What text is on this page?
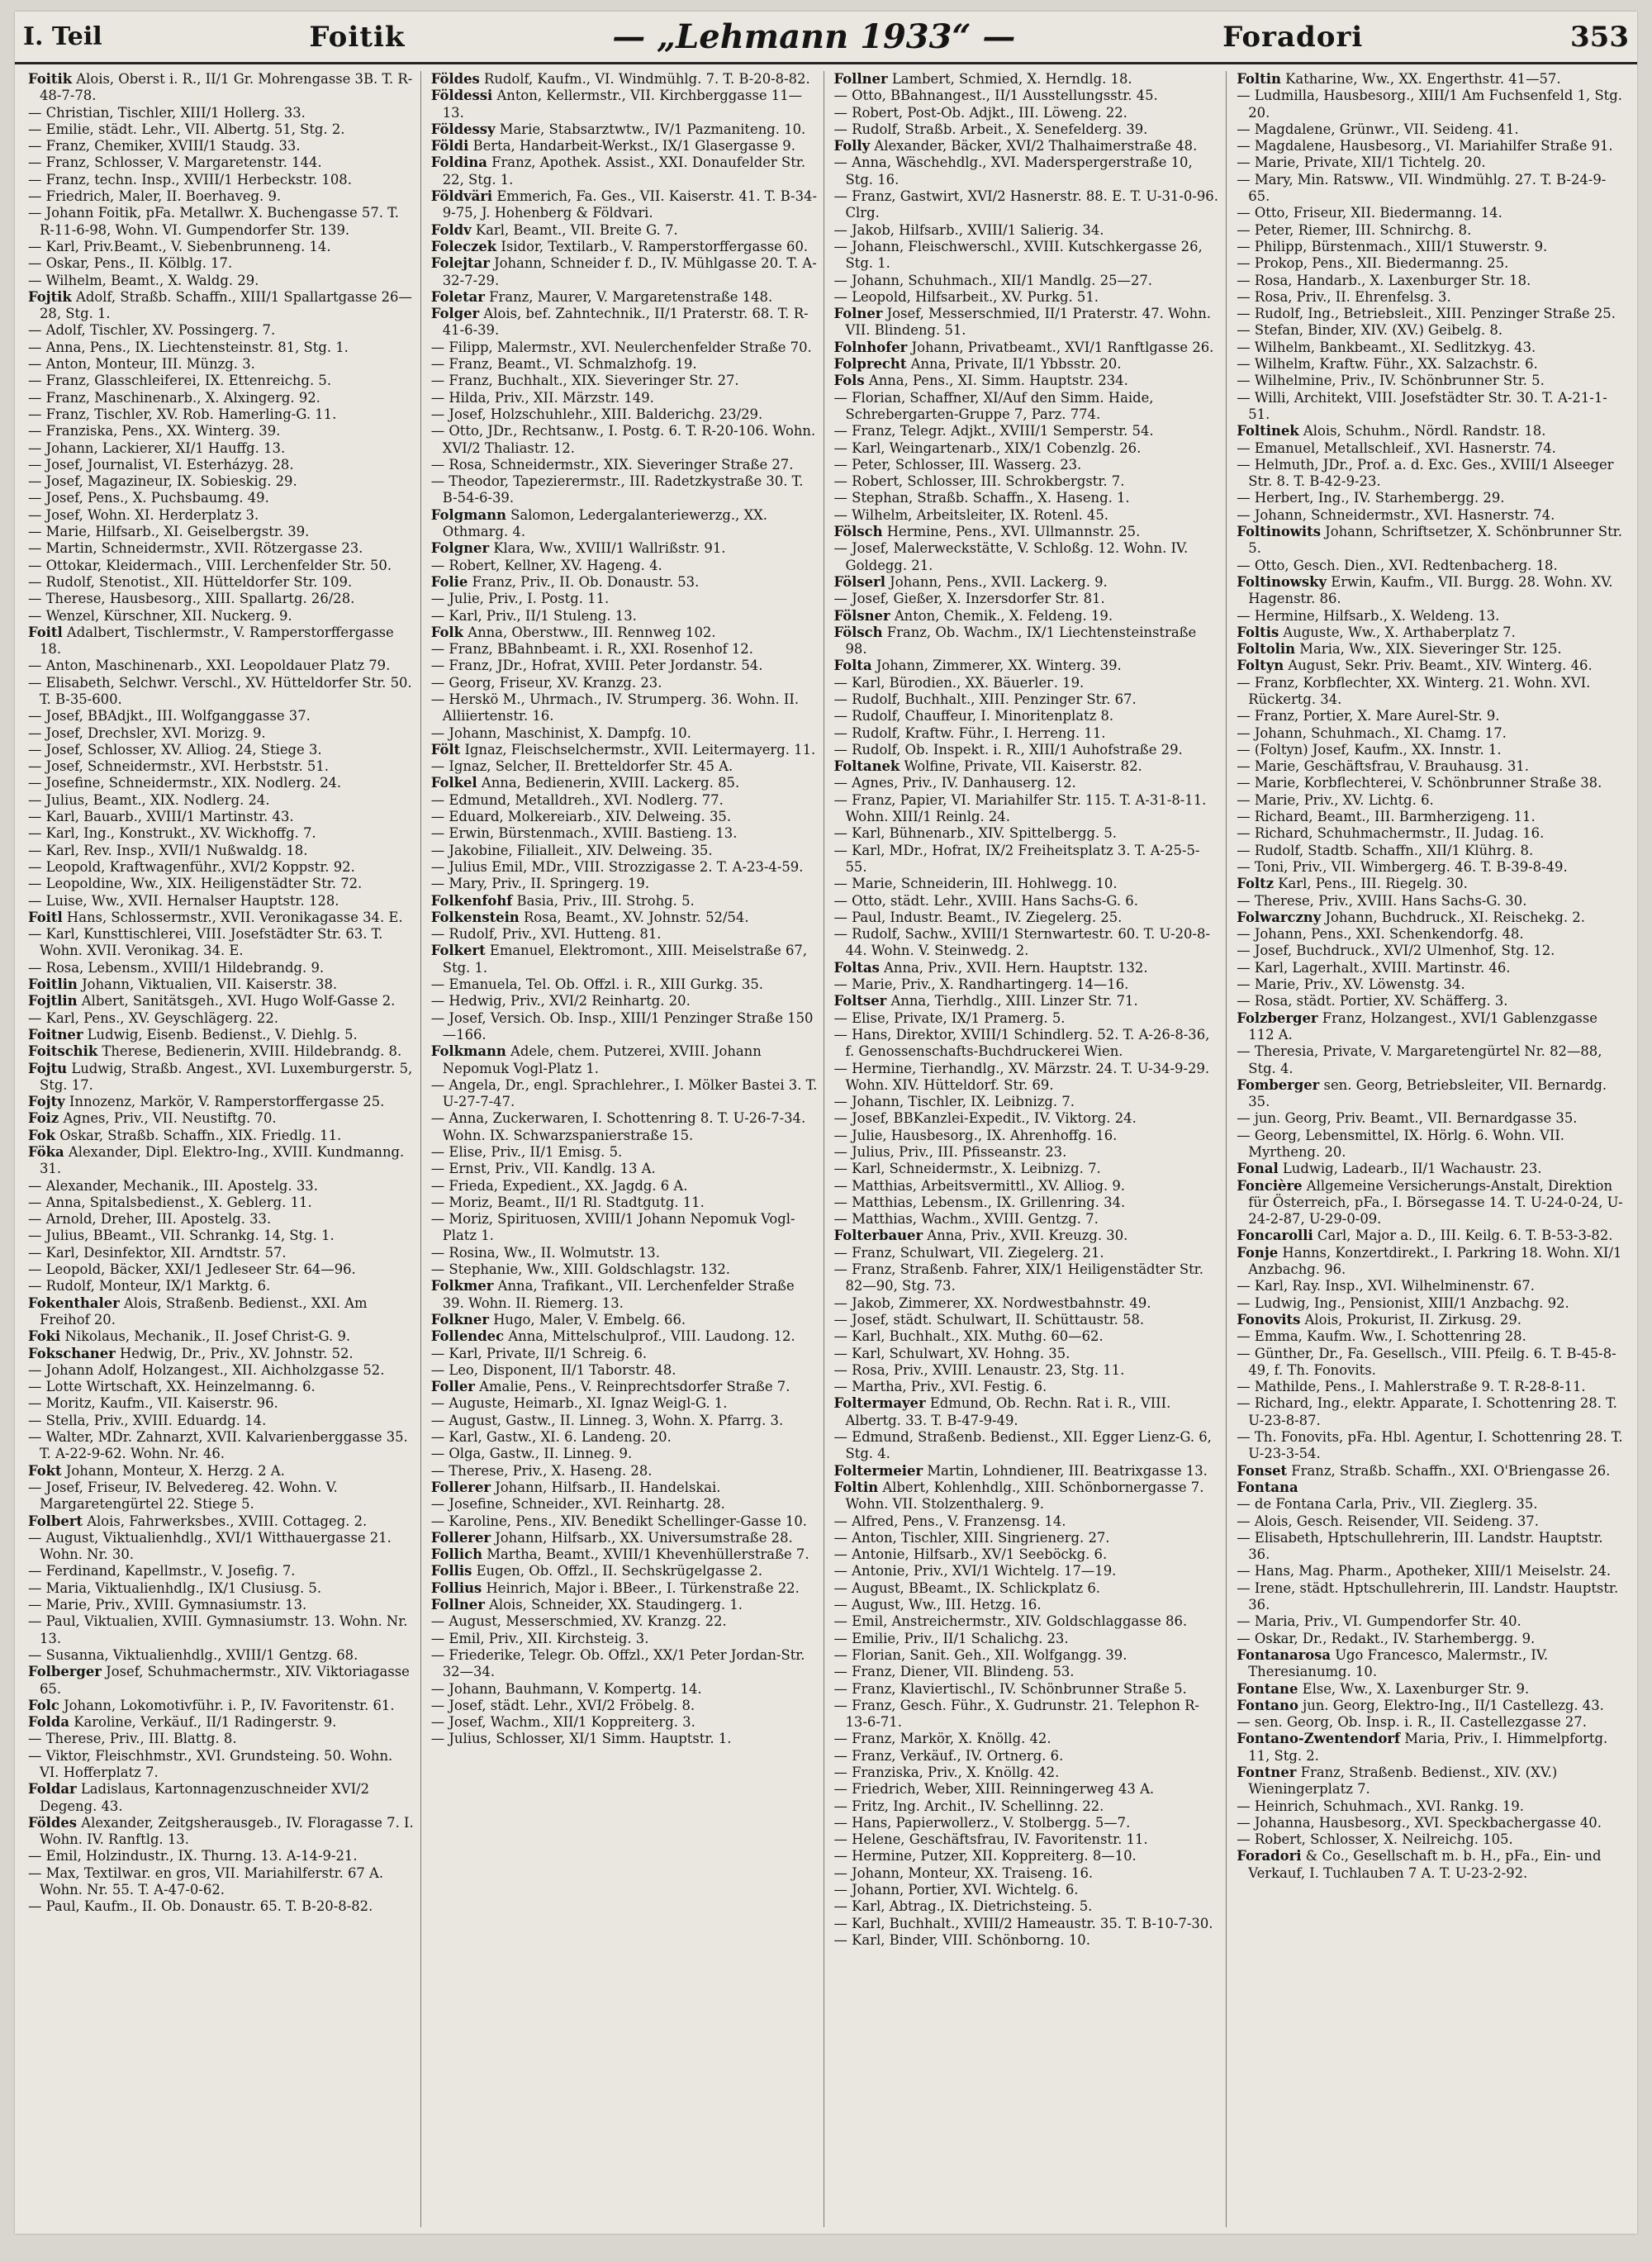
I. Teil	Foitik	— „Lehmann 1933“ —	Foradori	353

Foitik Alois, Oberst i. R., II/1 Gr. Mohrengasse 3B. T. R-48-7-78.

— Christian, Tischler, XIII/1 Hollerg. 33.

— Emilie, städt. Lehr., VII. Albertg. 51, Stg. 2.

— Franz, Chemiker, XVIII/1 Staudg. 33.

— Franz, Schlosser, V. Margaretenstr. 144.

— Franz, techn. Insp., XVIII/1 Herbeckstr. 108.

— Friedrich, Maler, II. Boerhaveg. 9.

— Johann Foitik, pFa. Metallwr. X. Buchengasse 57. T. R-11-6-98, Wohn. VI. Gumpendorfer Str. 139.

— Karl, Priv.Beamt., V. Siebenbrunneng. 14.

— Oskar, Pens., II. Kölblg. 17.

— Wilhelm, Beamt., X. Waldg. 29.

Fojtik Adolf, Straßb. Schaffn., XIII/1 Spallartgasse 26—28, Stg. 1.

— Adolf, Tischler, XV. Possingerg. 7.

— Anna, Pens., IX. Liechtensteinstr. 81, Stg. 1.

— Anton, Monteur, III. Münzg. 3.

— Franz, Glasschleiferei, IX. Ettenreichg. 5.

— Franz, Maschinenarb., X. Alxingerg. 92.

— Franz, Tischler, XV. Rob. Hamerling-G. 11.

— Franziska, Pens., XX. Winterg. 39.

— Johann, Lackierer, XI/1 Hauffg. 13.

— Josef, Journalist, VI. Esterházyg. 28.

— Josef, Magazineur, IX. Sobieskig. 29.

— Josef, Pens., X. Puchsbaumg. 49.

— Josef, Wohn. XI. Herderplatz 3.

— Marie, Hilfsarb., XI. Geiselbergstr. 39.

— Martin, Schneidermstr., XVII. Rötzergasse 23.

— Ottokar, Kleidermach., VIII. Lerchenfelder Str. 50.

— Rudolf, Stenotist., XII. Hütteldorfer Str. 109.

— Therese, Hausbesorg., XIII. Spallartg. 26/28.

— Wenzel, Kürschner, XII. Nuckerg. 9.

Foitl Adalbert, Tischlermstr., V. Ramperstorffergasse 18.

— Anton, Maschinenarb., XXI. Leopoldauer Platz 79.

— Elisabeth, Selchwr. Verschl., XV. Hütteldorfer Str. 50. T. B-35-600.

— Josef, BBAdjkt., III. Wolfganggasse 37.

— Josef, Drechsler, XVI. Morizg. 9.

— Josef, Schlosser, XV. Alliog. 24, Stiege 3.

— Josef, Schneidermstr., XVI. Herbststr. 51.

— Josefine, Schneidermstr., XIX. Nodlerg. 24.

— Julius, Beamt., XIX. Nodlerg. 24.

— Karl, Bauarb., XVIII/1 Martinstr. 43.

— Karl, Ing., Konstrukt., XV. Wickhoffg. 7.

— Karl, Rev. Insp., XVII/1 Nußwaldg. 18.

— Leopold, Kraftwagenführ., XVI/2 Koppstr. 92.

— Leopoldine, Ww., XIX. Heiligenstädter Str. 72.

— Luise, Ww., XVII. Hernalser Hauptstr. 128.

Foitl Hans, Schlossermstr., XVII. Veronikagasse 34. E.

— Karl, Kunsttischlerei, VIII. Josefstädter Str. 63. T. Wohn. XVII. Veronikag. 34. E.

— Rosa, Lebensm., XVIII/1 Hildebrandg. 9.

Foitlin Johann, Viktualien, VII. Kaiserstr. 38.

Fojtlin Albert, Sanitätsgeh., XVI. Hugo Wolf-Gasse 2.

— Karl, Pens., XV. Geyschlägerg. 22.

Foitner Ludwig, Eisenb. Bedienst., V. Diehlg. 5.

Foitschik Therese, Bedienerin, XVIII. Hildebrandg. 8.

Fojtu Ludwig, Straßb. Angest., XVI. Luxemburgerstr. 5, Stg. 17.

Fojty Innozenz, Markör, V. Ramperstorffergasse 25.

Foiz Agnes, Priv., VII. Neustiftg. 70.

Fok Oskar, Straßb. Schaffn., XIX. Friedlg. 11.

Föka Alexander, Dipl. Elektro-Ing., XVIII. Kundmanng. 31.

— Alexander, Mechanik., III. Apostelg. 33.

— Anna, Spitalsbedienst., X. Geblerg. 11.

— Arnold, Dreher, III. Apostelg. 33.

— Julius, BBeamt., VII. Schrankg. 14, Stg. 1.

— Karl, Desinfektor, XII. Arndtstr. 57.

— Leopold, Bäcker, XXI/1 Jedleseer Str. 64—96.

— Rudolf, Monteur, IX/1 Marktg. 6.

Fokenthaler Alois, Straßenb. Bedienst., XXI. Am Freihof 20.

Foki Nikolaus, Mechanik., II. Josef Christ-G. 9.

Fokschaner Hedwig, Dr., Priv., XV. Johnstr. 52.

— Johann Adolf, Holzangest., XII. Aichholzgasse 52.

— Lotte Wirtschaft, XX. Heinzelmanng. 6.

— Moritz, Kaufm., VII. Kaiserstr. 96.

— Stella, Priv., XVIII. Eduardg. 14.

— Walter, MDr. Zahnarzt, XVII. Kalvarienberggasse 35. T. A-22-9-62. Wohn. Nr. 46.

Fokt Johann, Monteur, X. Herzg. 2 A.

— Josef, Friseur, IV. Belvedereg. 42. Wohn. V. Margaretengürtel 22. Stiege 5.

Folbert Alois, Fahrwerksbes., XVIII. Cottageg. 2.

— August, Viktualienhdlg., XVI/1 Witthauergasse 21. Wohn. Nr. 30.

— Ferdinand, Kapellmstr., V. Josefig. 7.

— Maria, Viktualienhdlg., IX/1 Clusiusg. 5.

— Marie, Priv., XVIII. Gymnasiumstr. 13.

— Paul, Viktualien, XVIII. Gymnasiumstr. 13. Wohn. Nr. 13.

— Susanna, Viktualienhdlg., XVIII/1 Gentzg. 68.

Folberger Josef, Schuhmachermstr., XIV. Viktoriagasse 65.

Folc Johann, Lokomotivführ. i. P., IV. Favoritenstr. 61.

Folda Karoline, Verkäuf., II/1 Radingerstr. 9.

— Therese, Priv., III. Blattg. 8.

— Viktor, Fleischhmstr., XVI. Grundsteing. 50. Wohn. VI. Hofferplatz 7.

Foldar Ladislaus, Kartonnagenzuschneider XVI/2 Degeng. 43.

Földes Alexander, Zeitgsherausgeb., IV. Floragasse 7. I. Wohn. IV. Ranftlg. 13.

— Emil, Holzindustr., IX. Thurng. 13. A-14-9-21.

— Max, Textilwar. en gros, VII. Mariahilferstr. 67 A. Wohn. Nr. 55. T. A-47-0-62.

— Paul, Kaufm., II. Ob. Donaustr. 65. T. B-20-8-82.

Földes Rudolf, Kaufm., VI. Windmühlg. 7. T. B-20-8-82.

Földessi Anton, Kellermstr., VII. Kirchberggasse 11—13.

Földessy Marie, Stabsarztwtw., IV/1 Pazmaniteng. 10.

Földi Berta, Handarbeit-Werkst., IX/1 Glasergasse 9.

Foldina Franz, Apothek. Assist., XXI. Donaufelder Str. 22, Stg. 1.

Földväri Emmerich, Fa. Ges., VII. Kaiserstr. 41. T. B-34-9-75, J. Hohenberg & Földvari.

Foldv Karl, Beamt., VII. Breite G. 7.

Foleczek Isidor, Textilarb., V. Ramperstorffergasse 60.

Folejtar Johann, Schneider f. D., IV. Mühlgasse 20. T. A-32-7-29.

Foletar Franz, Maurer, V. Margaretenstraße 148.

Folger Alois, bef. Zahntechnik., II/1 Praterstr. 68. T. R-41-6-39.

— Filipp, Malermstr., XVI. Neulerchenfelder Straße 70.

— Franz, Beamt., VI. Schmalzhofg. 19.

— Franz, Buchhalt., XIX. Sieveringer Str. 27.

— Hilda, Priv., XII. Märzstr. 149.

— Josef, Holzschuhlehr., XIII. Balderichg. 23/29.

— Otto, JDr., Rechtsanw., I. Postg. 6. T. R-20-106. Wohn. XVI/2 Thaliastr. 12.

— Rosa, Schneidermstr., XIX. Sieveringer Straße 27.

— Theodor, Tapezierermstr., III. Radetzkystraße 30. T. B-54-6-39.

Folgmann Salomon, Ledergalanteriewerzg., XX. Othmarg. 4.

Folgner Klara, Ww., XVIII/1 Wallrißstr. 91.

— Robert, Kellner, XV. Hageng. 4.

Folie Franz, Priv., II. Ob. Donaustr. 53.

— Julie, Priv., I. Postg. 11.

— Karl, Priv., II/1 Stuleng. 13.

Folk Anna, Oberstww., III. Rennweg 102.

— Franz, BBahnbeamt. i. R., XXI. Rosenhof 12.

— Franz, JDr., Hofrat, XVIII. Peter Jordanstr. 54.

— Georg, Friseur, XV. Kranzg. 23.

— Herskö M., Uhrmach., IV. Strumperg. 36. Wohn. II. Alliiertenstr. 16.

— Johann, Maschinist, X. Dampfg. 10.

Fölt Ignaz, Fleischselchermstr., XVII. Leitermayerg. 11.

— Ignaz, Selcher, II. Bretteldorfer Str. 45 A.

Folkel Anna, Bedienerin, XVIII. Lackerg. 85.

— Edmund, Metalldreh., XVI. Nodlerg. 77.

— Eduard, Molkereiarb., XIV. Delweing. 35.

— Erwin, Bürstenmach., XVIII. Bastieng. 13.

— Jakobine, Filialleit., XIV. Delweing. 35.

— Julius Emil, MDr., VIII. Strozzigasse 2. T. A-23-4-59.

— Mary, Priv., II. Springerg. 19.

Folkenfohf Basia, Priv., III. Strohg. 5.

Folkenstein Rosa, Beamt., XV. Johnstr. 52/54.

— Rudolf, Priv., XVI. Hutteng. 81.

Folkert Emanuel, Elektromont., XIII. Meiselstraße 67, Stg. 1.

— Emanuela, Tel. Ob. Offzl. i. R., XIII Gurkg. 35.

— Hedwig, Priv., XVI/2 Reinhartg. 20.

— Josef, Versich. Ob. Insp., XIII/1 Penzinger Straße 150—166.

Folkmann Adele, chem. Putzerei, XVIII. Johann Nepomuk Vogl-Platz 1.

— Angela, Dr., engl. Sprachlehrer., I. Mölker Bastei 3. T. U-27-7-47.

— Anna, Zuckerwaren, I. Schottenring 8. T. U-26-7-34. Wohn. IX. Schwarzspanierstraße 15.

— Elise, Priv., II/1 Emisg. 5.

— Ernst, Priv., VII. Kandlg. 13 A.

— Frieda, Expedient., XX. Jagdg. 6 A.

— Moriz, Beamt., II/1 Rl. Stadtgutg. 11.

— Moriz, Spirituosen, XVIII/1 Johann Nepomuk Vogl-Platz 1.

— Rosina, Ww., II. Wolmutstr. 13.

— Stephanie, Ww., XIII. Goldschlagstr. 132.

Folkmer Anna, Trafikant., VII. Lerchenfelder Straße 39. Wohn. II. Riemerg. 13.

Folkner Hugo, Maler, V. Embelg. 66.

Follendec Anna, Mittelschulprof., VIII. Laudong. 12.

— Karl, Private, II/1 Schreig. 6.

— Leo, Disponent, II/1 Taborstr. 48.

Foller Amalie, Pens., V. Reinprechtsdorfer Straße 7.

— Auguste, Heimarb., XI. Ignaz Weigl-G. 1.

— August, Gastw., II. Linneg. 3, Wohn. X. Pfarrg. 3.

— Karl, Gastw., XI. 6. Landeng. 20.

— Olga, Gastw., II. Linneg. 9.

— Therese, Priv., X. Haseng. 28.

Follerer Johann, Hilfsarb., II. Handelskai.

— Josefine, Schneider., XVI. Reinhartg. 28.

— Karoline, Pens., XIV. Benedikt Schellinger-Gasse 10.

Follerer Johann, Hilfsarb., XX. Universumstraße 28.

Follich Martha, Beamt., XVIII/1 Khevenhüllerstraße 7.

Follis Eugen, Ob. Offzl., II. Sechskrügelgasse 2.

Follius Heinrich, Major i. BBeer., I. Türkenstraße 22.

Follner Alois, Schneider, XX. Staudingerg. 1.

— August, Messerschmied, XV. Kranzg. 22.

— Emil, Priv., XII. Kirchsteig. 3.

— Friederike, Telegr. Ob. Offzl., XX/1 Peter Jordan-Str. 32—34.

— Johann, Bauhmann, V. Kompertg. 14.

— Josef, städt. Lehr., XVI/2 Fröbelg. 8.

— Josef, Wachm., XII/1 Koppreiterg. 3.

— Julius, Schlosser, XI/1 Simm. Hauptstr. 1.

Follner Lambert, Schmied, X. Herndlg. 18.

— Otto, BBahnangest., II/1 Ausstellungsstr. 45.

— Robert, Post-Ob. Adjkt., III. Löweng. 22.

— Rudolf, Straßb. Arbeit., X. Senefelderg. 39.

Folly Alexander, Bäcker, XVI/2 Thalhaimerstraße 48.

— Anna, Wäschehdlg., XVI. Maderspergerstraße 10, Stg. 16.

— Franz, Gastwirt, XVI/2 Hasnerstr. 88. E. T. U-31-0-96. Clrg.

— Jakob, Hilfsarb., XVIII/1 Salierig. 34.

— Johann, Fleischwerschl., XVIII. Kutschkergasse 26, Stg. 1.

— Johann, Schuhmach., XII/1 Mandlg. 25—27.

— Leopold, Hilfsarbeit., XV. Purkg. 51.

Folner Josef, Messerschmied, II/1 Praterstr. 47. Wohn. VII. Blindeng. 51.

Folnhofer Johann, Privatbeamt., XVI/1 Ranftlgasse 26.

Folprecht Anna, Private, II/1 Ybbsstr. 20.

Fols Anna, Pens., XI. Simm. Hauptstr. 234.

— Florian, Schaffner, XI/Auf den Simm. Haide, Schrebergarten-Gruppe 7, Parz. 774.

— Franz, Telegr. Adjkt., XVIII/1 Semperstr. 54.

— Karl, Weingartenarb., XIX/1 Cobenzlg. 26.

— Peter, Schlosser, III. Wasserg. 23.

— Robert, Schlosser, III. Schrokbergstr. 7.

— Stephan, Straßb. Schaffn., X. Haseng. 1.

— Wilhelm, Arbeitsleiter, IX. Rotenl. 45.

Fölsch Hermine, Pens., XVI. Ullmannstr. 25.

— Josef, Malerweckstätte, V. Schloßg. 12. Wohn. IV. Goldegg. 21.

Fölserl Johann, Pens., XVII. Lackerg. 9.

— Josef, Gießer, X. Inzersdorfer Str. 81.

Fölsner Anton, Chemik., X. Feldeng. 19.

Fölsch Franz, Ob. Wachm., IX/1 Liechtensteinstraße 98.

Folta Johann, Zimmerer, XX. Winterg. 39.

— Karl, Bürodien., XX. Bäuerlег. 19.

— Rudolf, Buchhalt., XIII. Penzinger Str. 67.

— Rudolf, Chauffeur, I. Minoritenplatz 8.

— Rudolf, Kraftw. Führ., I. Herreng. 11.

— Rudolf, Ob. Inspekt. i. R., XIII/1 Auhofstraße 29.

Foltanek Wolfine, Private, VII. Kaiserstr. 82.

— Agnes, Priv., IV. Danhauserg. 12.

— Franz, Papier, VI. Mariahilfer Str. 115. T. A-31-8-11. Wohn. XIII/1 Reinlg. 24.

— Karl, Bühnenarb., XIV. Spittelbergg. 5.

— Karl, MDr., Hofrat, IX/2 Freiheitsplatz 3. T. A-25-5-55.

— Marie, Schneiderin, III. Hohlwegg. 10.

— Otto, städt. Lehr., XVIII. Hans Sachs-G. 6.

— Paul, Industr. Beamt., IV. Ziegelerg. 25.

— Rudolf, Sachw., XVIII/1 Sternwartestr. 60. T. U-20-8-44. Wohn. V. Steinwedg. 2.

Foltas Anna, Priv., XVII. Hern. Hauptstr. 132.

— Marie, Priv., X. Randhartingerg. 14—16.

Foltser Anna, Tierhdlg., XIII. Linzer Str. 71.

— Elise, Private, IX/1 Pramerg. 5.

— Hans, Direktor, XVIII/1 Schindlerg. 52. T. A-26-8-36, f. Genossenschafts-Buchdruckerei Wien.

— Hermine, Tierhandlg., XV. Märzstr. 24. T. U-34-9-29. Wohn. XIV. Hütteldorf. Str. 69.

— Johann, Tischler, IX. Leibnizg. 7.

— Josef, BBKanzlei-Expedit., IV. Viktorg. 24.

— Julie, Hausbesorg., IX. Ahrenhoffg. 16.

— Julius, Priv., III. Pfisseanstr. 23.

— Karl, Schneidermstr., X. Leibnizg. 7.

— Matthias, Arbeitsvermittl., XV. Alliog. 9.

— Matthias, Lebensm., IX. Grillenring. 34.

— Matthias, Wachm., XVIII. Gentzg. 7.

Folterbauer Anna, Priv., XVII. Kreuzg. 30.

— Franz, Schulwart, VII. Ziegelerg. 21.

— Franz, Straßenb. Fahrer, XIX/1 Heiligenstädter Str. 82—90, Stg. 73.

— Jakob, Zimmerer, XX. Nordwestbahnstr. 49.

— Josef, städt. Schulwart, II. Schüttaustr. 58.

— Karl, Buchhalt., XIX. Muthg. 60—62.

— Karl, Schulwart, XV. Hohng. 35.

— Rosa, Priv., XVIII. Lenaustr. 23, Stg. 11.

— Martha, Priv., XVI. Festig. 6.

Foltermayer Edmund, Ob. Rechn. Rat i. R., VIII. Albertg. 33. T. B-47-9-49.

— Edmund, Straßenb. Bedienst., XII. Egger Lienz-G. 6, Stg. 4.

Foltermeier Martin, Lohndiener, III. Beatrixgasse 13.

Foltin Albert, Kohlenhdlg., XIII. Schönbornergasse 7. Wohn. VII. Stolzenthalerg. 9.

— Alfred, Pens., V. Franzensg. 14.

— Anton, Tischler, XIII. Singrienerg. 27.

— Antonie, Hilfsarb., XV/1 Seeböckg. 6.

— Antonie, Priv., XVI/1 Wichtelg. 17—19.

— August, BBeamt., IX. Schlickplatz 6.

— August, Ww., III. Hetzg. 16.

— Emil, Anstreichermstr., XIV. Goldschlaggasse 86.

— Emilie, Priv., II/1 Schalichg. 23.

— Florian, Sanit. Geh., XII. Wolfgangg. 39.

— Franz, Diener, VII. Blindeng. 53.

— Franz, Klaviertischl., IV. Schönbrunner Straße 5.

— Franz, Gesch. Führ., X. Gudrunstr. 21. Telephon R-13-6-71.

— Franz, Markör, X. Knöllg. 42.

— Franz, Verkäuf., IV. Ortnerg. 6.

— Franziska, Priv., X. Knöllg. 42.

— Friedrich, Weber, XIII. Reinningerweg 43 A.

— Fritz, Ing. Archit., IV. Schellinng. 22.

— Hans, Papierwollerz., V. Stolbergg. 5—7.

— Helene, Geschäftsfrau, IV. Favoritenstr. 11.

— Hermine, Putzer, XII. Koppreiterg. 8—10.

— Johann, Monteur, XX. Traiseng. 16.

— Johann, Portier, XVI. Wichtelg. 6.

— Karl, Abtrag., IX. Dietrichsteing. 5.

— Karl, Buchhalt., XVIII/2 Hameaustr. 35. T. B-10-7-30.

— Karl, Binder, VIII. Schönborng. 10.

Foltin Katharine, Ww., XX. Engerthstr. 41—57.

— Ludmilla, Hausbesorg., XIII/1 Am Fuchsenfeld 1, Stg. 20.

— Magdalene, Grünwr., VII. Seideng. 41.

— Magdalene, Hausbesorg., VI. Mariahilfer Straße 91.

— Marie, Private, XII/1 Tichtelg. 20.

— Mary, Min. Ratsww., VII. Windmühlg. 27. T. B-24-9-65.

— Otto, Friseur, XII. Biedermanng. 14.

— Peter, Riemer, III. Schnirchg. 8.

— Philipp, Bürstenmach., XIII/1 Stuwerstr. 9.

— Prokop, Pens., XII. Biedermanng. 25.

— Rosa, Handarb., X. Laxenburger Str. 18.

— Rosa, Priv., II. Ehrenfelsg. 3.

— Rudolf, Ing., Betriebsleit., XIII. Penzinger Straße 25.

— Stefan, Binder, XIV. (XV.) Geibelg. 8.

— Wilhelm, Bankbeamt., XI. Sedlitzkyg. 43.

— Wilhelm, Kraftw. Führ., XX. Salzachstr. 6.

— Wilhelmine, Priv., IV. Schönbrunner Str. 5.

— Willi, Architekt, VIII. Josefstädter Str. 30. T. A-21-1-51.

Foltinek Alois, Schuhm., Nördl. Randstr. 18.

— Emanuel, Metallschleif., XVI. Hasnerstr. 74.

— Helmuth, JDr., Prof. a. d. Exc. Ges., XVIII/1 Alseeger Str. 8. T. B-42-9-23.

— Herbert, Ing., IV. Starhembergg. 29.

— Johann, Schneidermstr., XVI. Hasnerstr. 74.

Foltinowits Johann, Schriftsetzer, X. Schönbrunner Str. 5.

— Otto, Gesch. Dien., XVI. Redtenbacherg. 18.

Foltinowsky Erwin, Kaufm., VII. Burgg. 28. Wohn. XV. Hagenstr. 86.

— Hermine, Hilfsarb., X. Weldeng. 13.

Foltis Auguste, Ww., X. Arthaberplatz 7.

Foltolin Maria, Ww., XIX. Sieveringer Str. 125.

Foltyn August, Sekr. Priv. Beamt., XIV. Winterg. 46.

— Franz, Korbflechter, XX. Winterg. 21. Wohn. XVI. Rückertg. 34.

— Franz, Portier, X. Mare Aurel-Str. 9.

— Johann, Schuhmach., XI. Chamg. 17.

— (Foltyn) Josef, Kaufm., XX. Innstr. 1.

— Marie, Geschäftsfrau, V. Brauhausg. 31.

— Marie, Korbflechterei, V. Schönbrunner Straße 38.

— Marie, Priv., XV. Lichtg. 6.

— Richard, Beamt., III. Barmherzigeng. 11.

— Richard, Schuhmachermstr., II. Judag. 16.

— Rudolf, Stadtb. Schaffn., XII/1 Klührg. 8.

— Toni, Priv., VII. Wimbergerg. 46. T. B-39-8-49.

Foltz Karl, Pens., III. Riegelg. 30.

— Therese, Priv., XVIII. Hans Sachs-G. 30.

Folwarczny Johann, Buchdruck., XI. Reischekg. 2.

— Johann, Pens., XXI. Schenkendorfg. 48.

— Josef, Buchdruck., XVI/2 Ulmenhof, Stg. 12.

— Karl, Lagerhalt., XVIII. Martinstr. 46.

— Marie, Priv., XV. Löwenstg. 34.

— Rosa, städt. Portier, XV. Schäfferg. 3.

Folzberger Franz, Holzangest., XVI/1 Gablenzgasse 112 A.

— Theresia, Private, V. Margaretengürtel Nr. 82—88, Stg. 4.

Fomberger sen. Georg, Betriebsleiter, VII. Bernardg. 35.

— jun. Georg, Priv. Beamt., VII. Bernardgasse 35.

— Georg, Lebensmittel, IX. Hörlg. 6. Wohn. VII. Myrtheng. 20.

Fonal Ludwig, Ladearb., II/1 Wachaustr. 23.

Foncière Allgemeine Versicherungs-Anstalt, Direktion für Österreich, pFa., I. Börsegasse 14. T. U-24-0-24, U-24-2-87, U-29-0-09.

Foncarolli Carl, Major a. D., III. Keilg. 6. T. B-53-3-82.

Fonje Hanns, Konzertdirekt., I. Parkring 18. Wohn. XI/1 Anzbachg. 96.

— Karl, Ray. Insp., XVI. Wilhelminenstr. 67.

— Ludwig, Ing., Pensionist, XIII/1 Anzbachg. 92.

Fonovits Alois, Prokurist, II. Zirkusg. 29.

— Emma, Kaufm. Ww., I. Schottenring 28.

— Günther, Dr., Fa. Gesellsch., VIII. Pfeilg. 6. T. B-45-8-49, f. Th. Fonovits.

— Mathilde, Pens., I. Mahlerstraße 9. T. R-28-8-11.

— Richard, Ing., elektr. Apparate, I. Schottenring 28. T. U-23-8-87.

— Th. Fonovits, pFa. Hbl. Agentur, I. Schottenring 28. T. U-23-3-54.

Fonset Franz, Straßb. Schaffn., XXI. O'Briengasse 26.

Fontana

— de Fontana Carla, Priv., VII. Zieglerg. 35.

— Alois, Gesch. Reisender, VII. Seideng. 37.

— Elisabeth, Hptschullehrerin, III. Landstr. Hauptstr. 36.

— Hans, Mag. Pharm., Apotheker, XIII/1 Meiselstr. 24.

— Irene, städt. Hptschullehrerin, III. Landstr. Hauptstr. 36.

— Maria, Priv., VI. Gumpendorfer Str. 40.

— Oskar, Dr., Redakt., IV. Starhembergg. 9.

Fontanarosa Ugo Francesco, Malermstr., IV. Theresianumg. 10.

Fontane Else, Ww., X. Laxenburger Str. 9.

Fontano jun. Georg, Elektro-Ing., II/1 Castellezg. 43.

— sen. Georg, Ob. Insp. i. R., II. Castellezgasse 27.

Fontano-Zwentendorf Maria, Priv., I. Himmelpfortg. 11, Stg. 2.

Fontner Franz, Straßenb. Bedienst., XIV. (XV.) Wieningerplatz 7.

— Heinrich, Schuhmach., XVI. Rankg. 19.

— Johanna, Hausbesorg., XVI. Speckbachergasse 40.

— Robert, Schlosser, X. Neilreichg. 105.

Foradori & Co., Gesellschaft m. b. H., pFa., Ein- und Verkauf, I. Tuchlauben 7 A. T. U-23-2-92.
